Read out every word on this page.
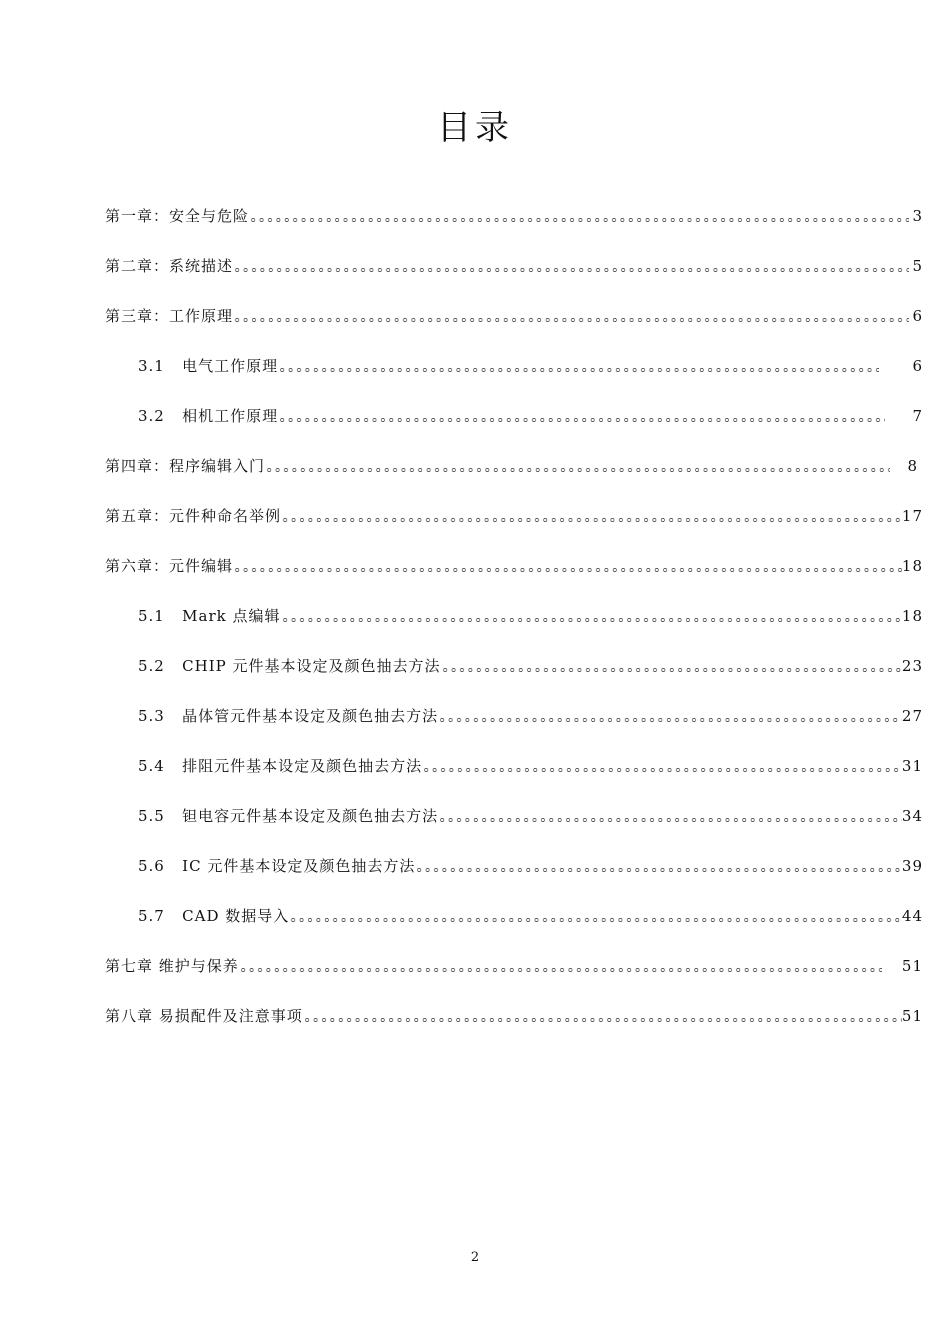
目录
第一章：安全与危险	3
第二章：系统描述	5
第三章：工作原理	6
3.1   电气工作原理	6
3.2   相机工作原理	7
第四章：程序编辑入门	8
第五章：元件种命名举例	17
第六章：元件编辑	18
5.1   Mark 点编辑	18
5.2   CHIP 元件基本设定及颜色抽去方法	23
5.3   晶体管元件基本设定及颜色抽去方法	27
5.4   排阻元件基本设定及颜色抽去方法	31
5.5   钽电容元件基本设定及颜色抽去方法	34
5.6   IC 元件基本设定及颜色抽去方法	39
5.7   CAD 数据导入	44
第七章 维护与保养	51
第八章 易损配件及注意事项	51
2
